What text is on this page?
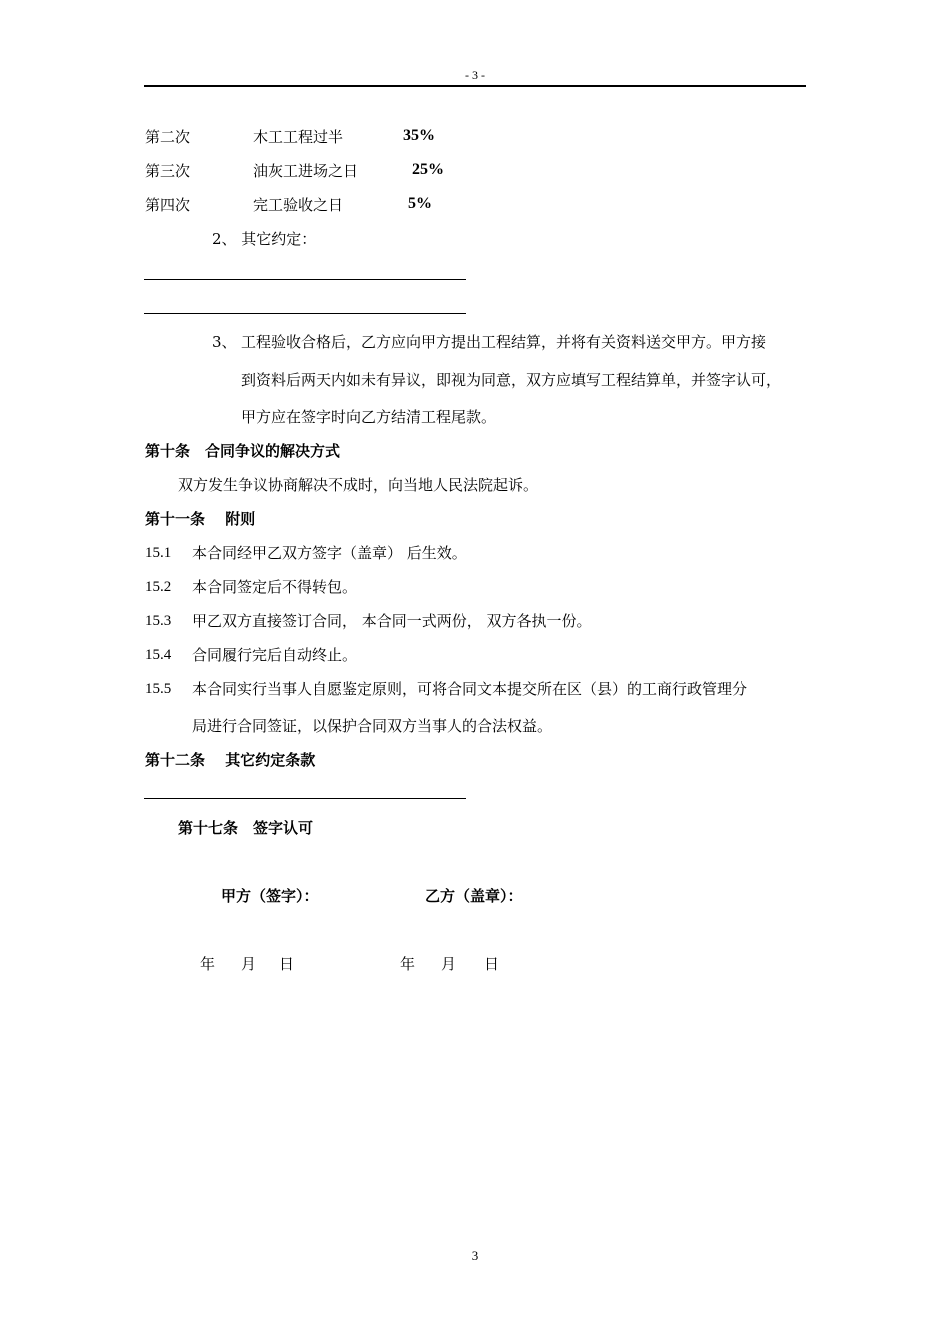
- 3 -
第二次	木工工程过半	35%
第三次	油灰工进场之日	25%
第四次	完工验收之日	5%
2、 其它约定：
3、 工程验收合格后，乙方应向甲方提出工程结算，并将有关资料送交甲方。甲方接
到资料后两天内如未有异议，即视为同意，双方应填写工程结算单，并签字认可，
甲方应在签字时向乙方结清工程尾款。
第十条　合同争议的解决方式
双方发生争议协商解决不成时，向当地人民法院起诉。
第十一条　 附则
15.1 本合同经甲乙双方签字（盖章） 后生效。
15.2 本合同签定后不得转包。
15.3 甲乙双方直接签订合同， 本合同一式两份， 双方各执一份。
15.4 合同履行完后自动终止。
15.5 本合同实行当事人自愿鉴定原则，可将合同文本提交所在区（县）的工商行政管理分
局进行合同签证，以保护合同双方当事人的合法权益。
第十二条　 其它约定条款
第十七条　签字认可
甲方（签字）：	乙方（盖章）：
年 月 日	年 月 日
3
